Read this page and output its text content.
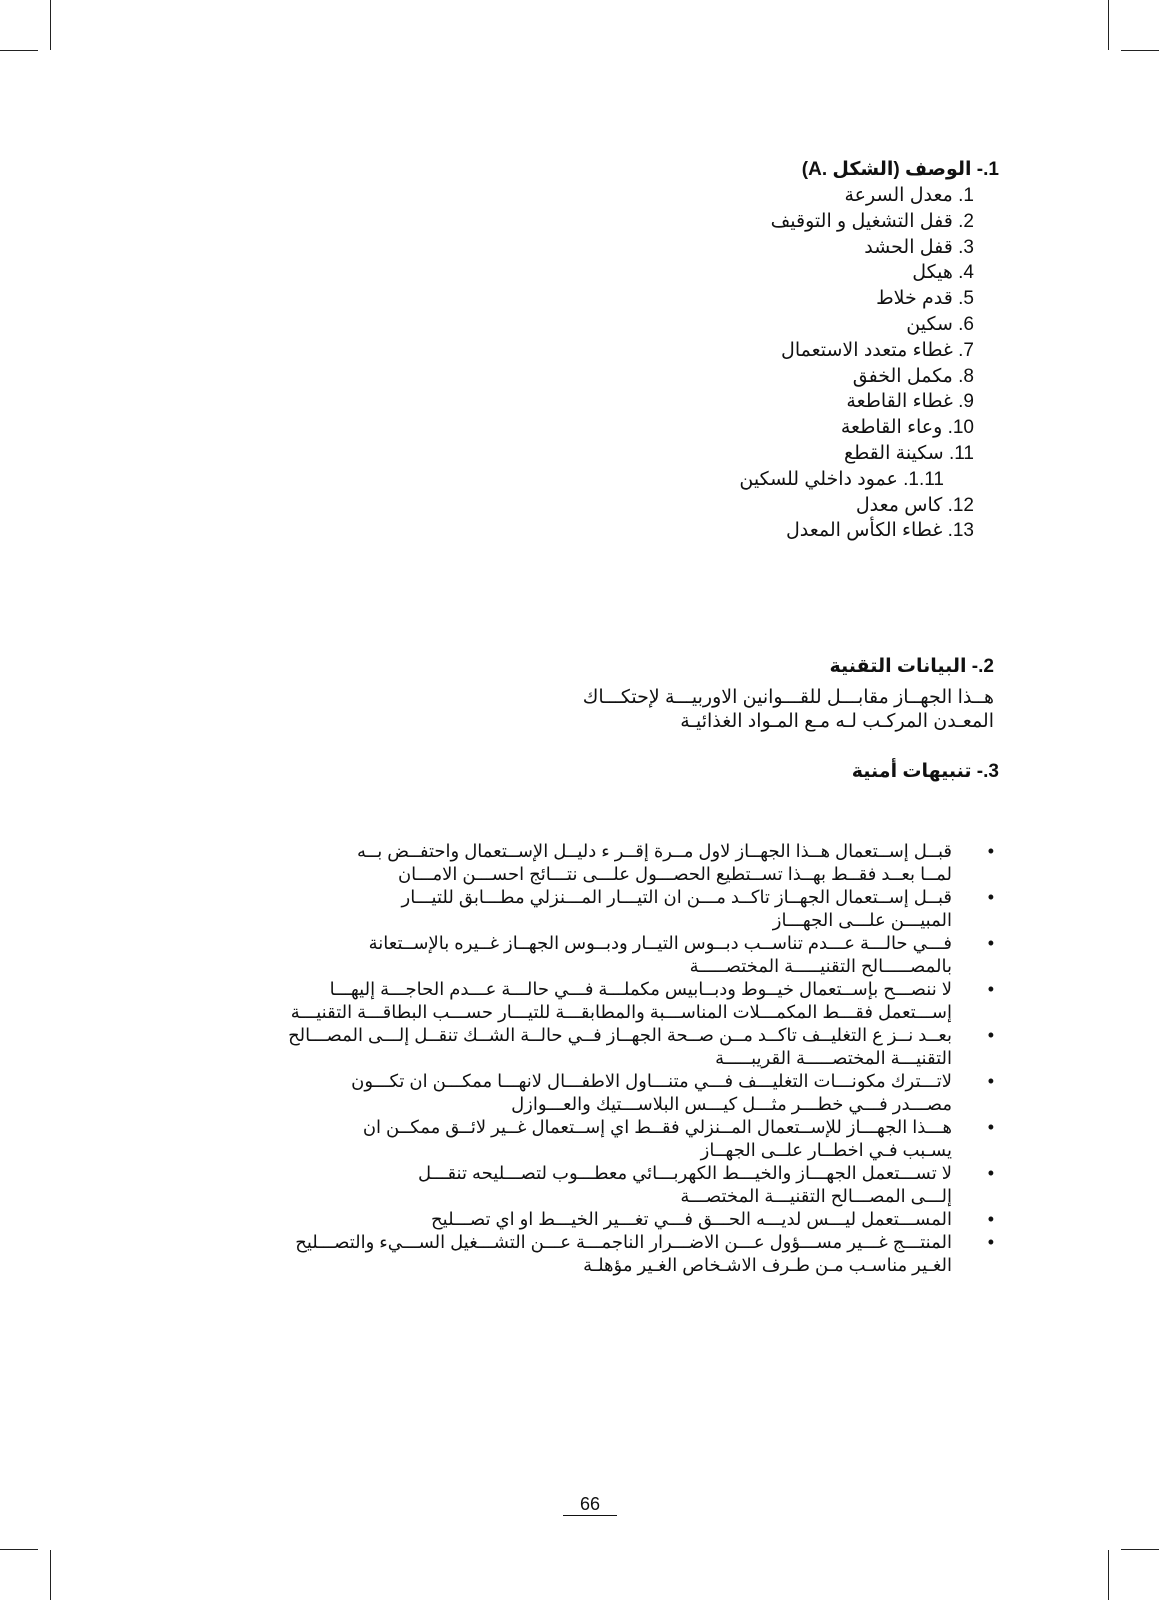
1.- الوصف (الشكل .A)
1. معدل السرعة
2. قفل التشغيل و التوقيف
3. قفل الحشد
4. هيكل
5. قدم خلاط
6. سكين
7. غطاء متعدد الاستعمال
8. مكمل الخفق
9. غطاء القاطعة
10. وعاء القاطعة
11. سكينة القطع
1.11. عمود داخلي للسكين
12. كاس معدل
13. غطاء الكأس المعدل
2.- البيانات التقنية
هــذا الجهــاز مقابـــل للقـــوانين الاوربيـــة لإحتكـــاك
المعـدن المركـب لـه مـع المـواد الغذائيـة
3.- تنبيهات أمنية
•
قبــل إســتعمال هــذا الجهــاز لاول مــرة إقــر ء دليــل الإســتعمال واحتفــض بــه
لمــا بعــد فقــط بهــذا تســتطيع الحصـــول علـــى نتـــائج احســـن الامـــان
•
قبــل إســتعمال الجهــاز تاكــد مـــن ان التيـــار المـــنزلي مطـــابق للتيـــار
المبيـــن علـــى الجهـــاز
•
فـــي حالـــة عـــدم تناســب دبــوس التيــار ودبــوس الجهــاز غــيره بالإســتعانة
بالمصـــــالح التقنيـــــة المختصـــــة
•
لا ننصـــح بإســتعمال خيــوط ودبــابيس مكملـــة فـــي حالـــة عـــدم الحاجـــة إليهـــا
إســـتعمل فقـــط المكمـــلات المناســـبة والمطابقـــة للتيـــار حســـب البطاقـــة التقنيـــة
•
بعــد نــز ع التغليــف تاكــد مــن صــحة الجهــاز فــي حالــة الشــك تنقــل إلـــى المصـــالح
التقنيـــة المختصـــــة القريبـــــة
•
لاتـــترك مكونـــات التغليـــف فـــي متنـــاول الاطفـــال لانهـــا ممكـــن ان تكـــون
مصـــدر فـــي خطـــر مثـــل كيـــس البلاســـتيك والعـــوازل
•
هـــذا الجهـــاز للإســتعمال المــنزلي فقــط اي إســتعمال غــير لائــق ممكــن ان
يسـبب فـي اخطــار علــى الجهــاز
•
لا تســـتعمل الجهـــاز والخيـــط الكهربـــائي معطـــوب لتصـــليحه تنقـــل
إلـــى المصـــالح التقنيـــة المختصـــة
•
المســـتعمل ليـــس لديـــه الحـــق فـــي تغـــير الخيـــط او اي تصـــليح
•
المنتـــج غـــير مســـؤول عـــن الاضـــرار الناجمـــة عـــن التشـــغيل الســـيء والتصـــليح
الغـير مناسـب مـن طـرف الاشـخاص الغـير مؤهلـة
66
